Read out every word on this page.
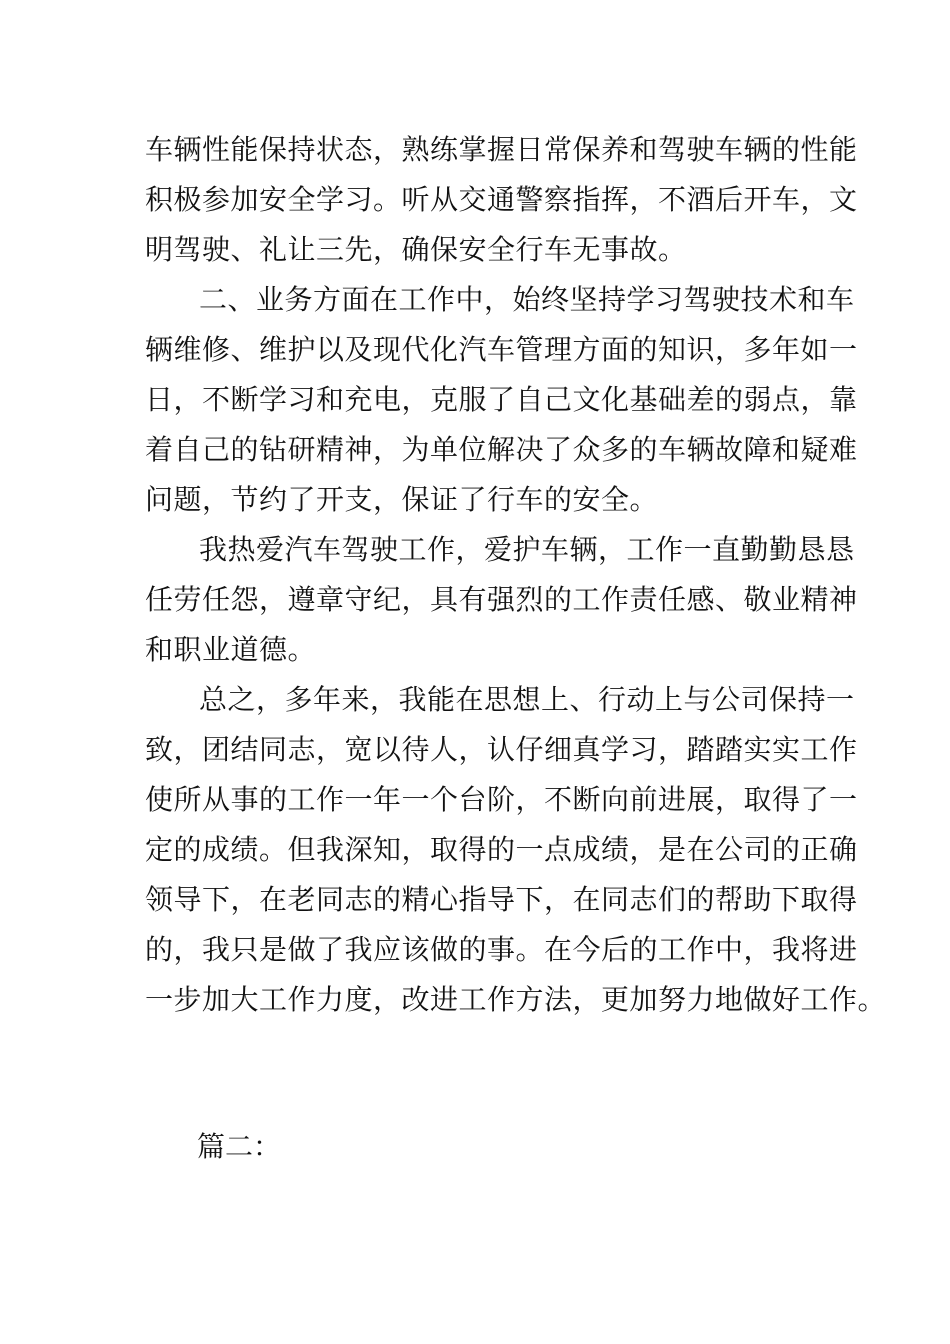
车辆性能保持状态，熟练掌握日常保养和驾驶车辆的性能
积极参加安全学习。听从交通警察指挥，不酒后开车，文
明驾驶、礼让三先，确保安全行车无事故。
二、业务方面在工作中，始终坚持学习驾驶技术和车
辆维修、维护以及现代化汽车管理方面的知识，多年如一
日，不断学习和充电，克服了自己文化基础差的弱点，靠
着自己的钻研精神，为单位解决了众多的车辆故障和疑难
问题，节约了开支，保证了行车的安全。
我热爱汽车驾驶工作，爱护车辆，工作一直勤勤恳恳
任劳任怨，遵章守纪，具有强烈的工作责任感、敬业精神
和职业道德。
总之，多年来，我能在思想上、行动上与公司保持一
致，团结同志，宽以待人，认仔细真学习，踏踏实实工作
使所从事的工作一年一个台阶，不断向前进展，取得了一
定的成绩。但我深知，取得的一点成绩，是在公司的正确
领导下，在老同志的精心指导下，在同志们的帮助下取得
的，我只是做了我应该做的事。在今后的工作中，我将进
一步加大工作力度，改进工作方法，更加努力地做好工作。
篇二：
